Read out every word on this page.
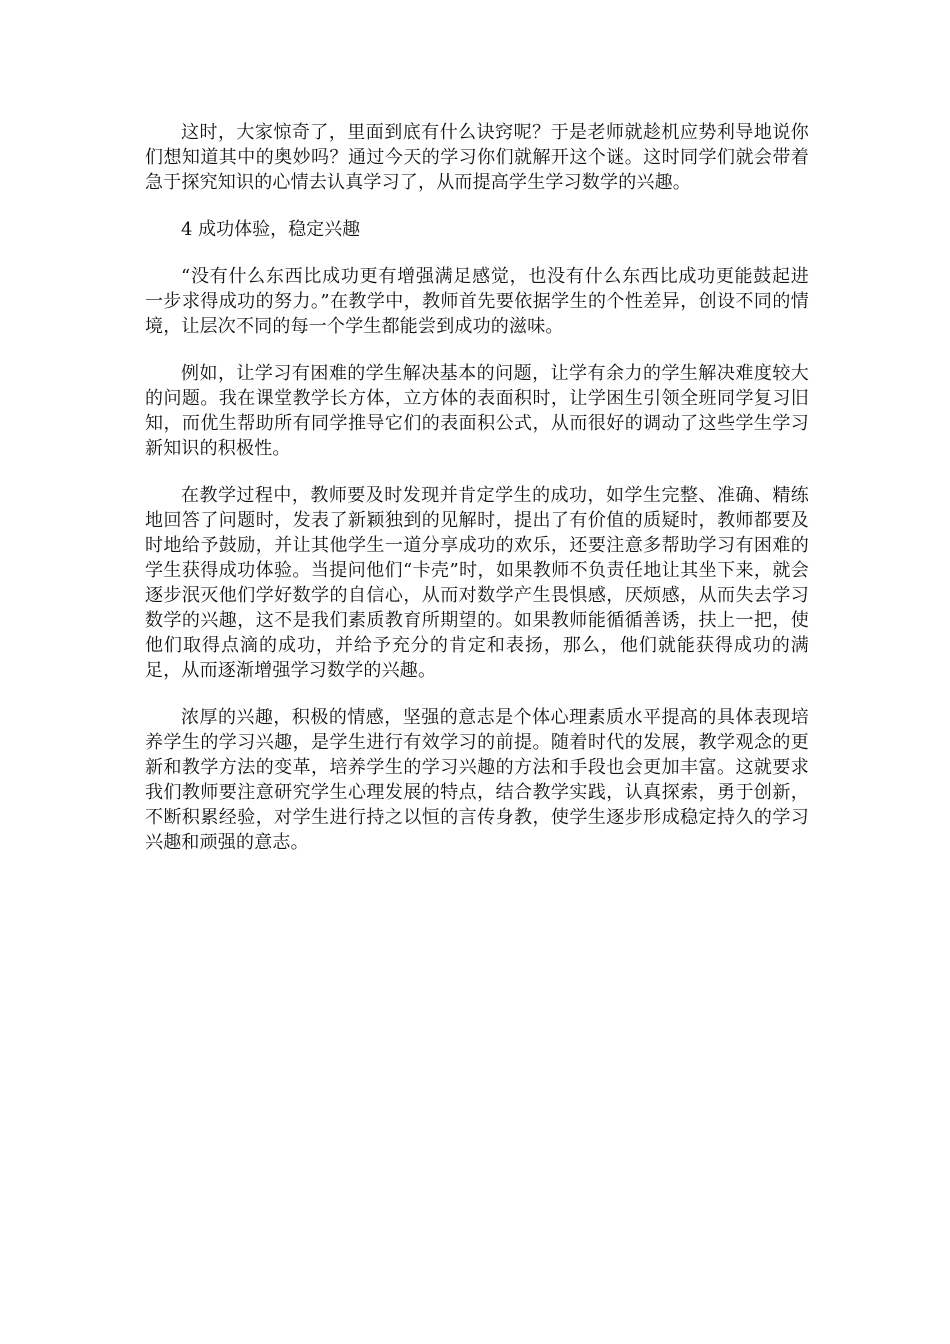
这时，大家惊奇了，里面到底有什么诀窍呢？于是老师就趁机应势利导地说你们想知道其中的奥妙吗？通过今天的学习你们就解开这个谜。这时同学们就会带着急于探究知识的心情去认真学习了，从而提高学生学习数学的兴趣。

4 成功体验，稳定兴趣

“没有什么东西比成功更有增强满足感觉，也没有什么东西比成功更能鼓起进一步求得成功的努力。”在教学中，教师首先要依据学生的个性差异，创设不同的情境，让层次不同的每一个学生都能尝到成功的滋味。

例如，让学习有困难的学生解决基本的问题，让学有余力的学生解决难度较大的问题。我在课堂教学长方体，立方体的表面积时，让学困生引领全班同学复习旧知，而优生帮助所有同学推导它们的表面积公式，从而很好的调动了这些学生学习新知识的积极性。

在教学过程中，教师要及时发现并肯定学生的成功，如学生完整、准确、精练地回答了问题时，发表了新颖独到的见解时，提出了有价值的质疑时，教师都要及时地给予鼓励，并让其他学生一道分享成功的欢乐，还要注意多帮助学习有困难的学生获得成功体验。当提问他们“卡壳”时，如果教师不负责任地让其坐下来，就会逐步泯灭他们学好数学的自信心，从而对数学产生畏惧感，厌烦感，从而失去学习数学的兴趣，这不是我们素质教育所期望的。如果教师能循循善诱，扶上一把，使他们取得点滴的成功，并给予充分的肯定和表扬，那么，他们就能获得成功的满足，从而逐渐增强学习数学的兴趣。

浓厚的兴趣，积极的情感，坚强的意志是个体心理素质水平提高的具体表现培养学生的学习兴趣，是学生进行有效学习的前提。随着时代的发展，教学观念的更新和教学方法的变革，培养学生的学习兴趣的方法和手段也会更加丰富。这就要求我们教师要注意研究学生心理发展的特点，结合教学实践，认真探索，勇于创新，不断积累经验，对学生进行持之以恒的言传身教，使学生逐步形成稳定持久的学习兴趣和顽强的意志。
